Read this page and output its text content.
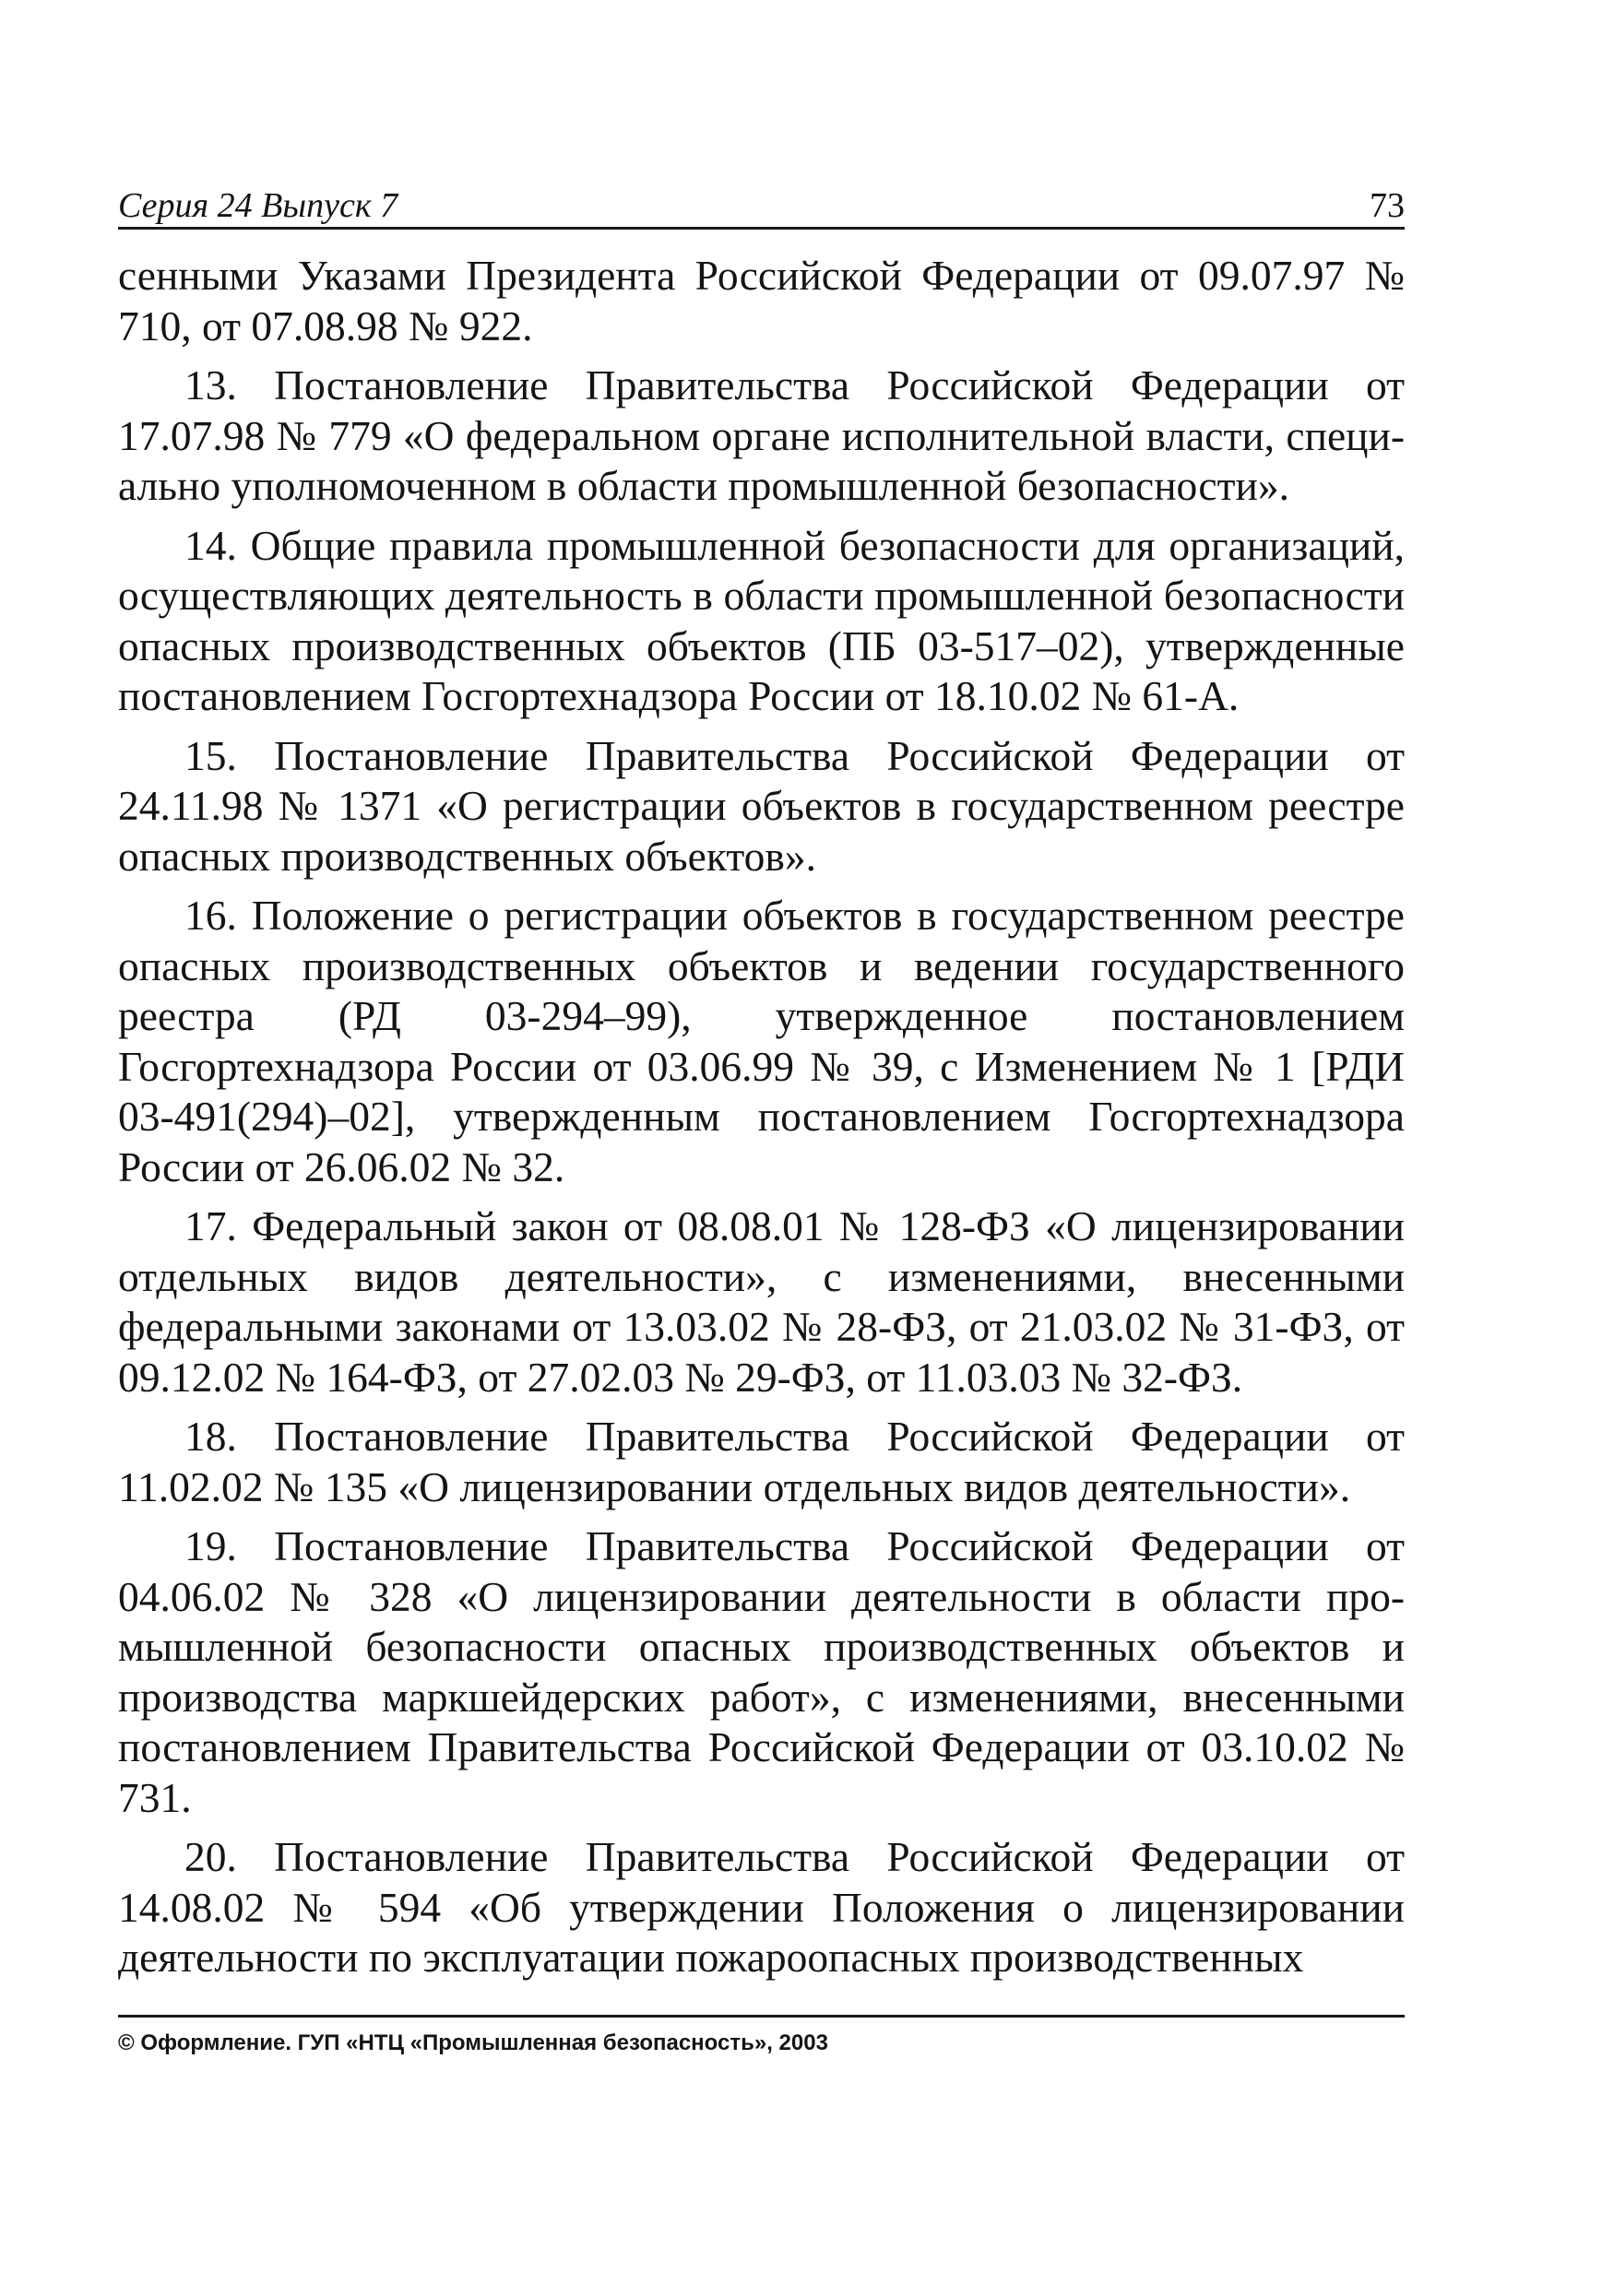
Серия 24 Выпуск 7	73

сенными Указами Президента Российской Федерации от 09.07.97 № 710, от 07.08.98 № 922.

13. Постановление Правительства Российской Федерации от 17.07.98 № 779 «О федеральном органе исполнительной власти, специально уполномоченном в области промышленной безопасности».

14. Общие правила промышленной безопасности для организаций, осуществляющих деятельность в области промышленной безопасности опасных производственных объектов (ПБ 03-517–02), утвержденные постановлением Госгортехнадзора России от 18.10.02 № 61-А.

15. Постановление Правительства Российской Федерации от 24.11.98 № 1371 «О регистрации объектов в государственном реестре опасных производственных объектов».

16. Положение о регистрации объектов в государственном реестре опасных производственных объектов и ведении государственного реестра (РД 03-294–99), утвержденное постановлением Госгортехнадзора России от 03.06.99 № 39, с Изменением № 1 [РДИ 03-491(294)–02], утвержденным постановлением Госгортехнадзора России от 26.06.02 № 32.

17. Федеральный закон от 08.08.01 № 128-ФЗ «О лицензировании отдельных видов деятельности», с изменениями, внесенными федеральными законами от 13.03.02 № 28-ФЗ, от 21.03.02 № 31-ФЗ, от 09.12.02 № 164-ФЗ, от 27.02.03 № 29-ФЗ, от 11.03.03 № 32-ФЗ.

18. Постановление Правительства Российской Федерации от 11.02.02 № 135 «О лицензировании отдельных видов деятельности».

19. Постановление Правительства Российской Федерации от 04.06.02 № 328 «О лицензировании деятельности в области промышленной безопасности опасных производственных объектов и производства маркшейдерских работ», с изменениями, внесенными постановлением Правительства Российской Федерации от 03.10.02 № 731.

20. Постановление Правительства Российской Федерации от 14.08.02 № 594 «Об утверждении Положения о лицензировании деятельности по эксплуатации пожароопасных производственных

© Оформление. ГУП «НТЦ «Промышленная безопасность», 2003
